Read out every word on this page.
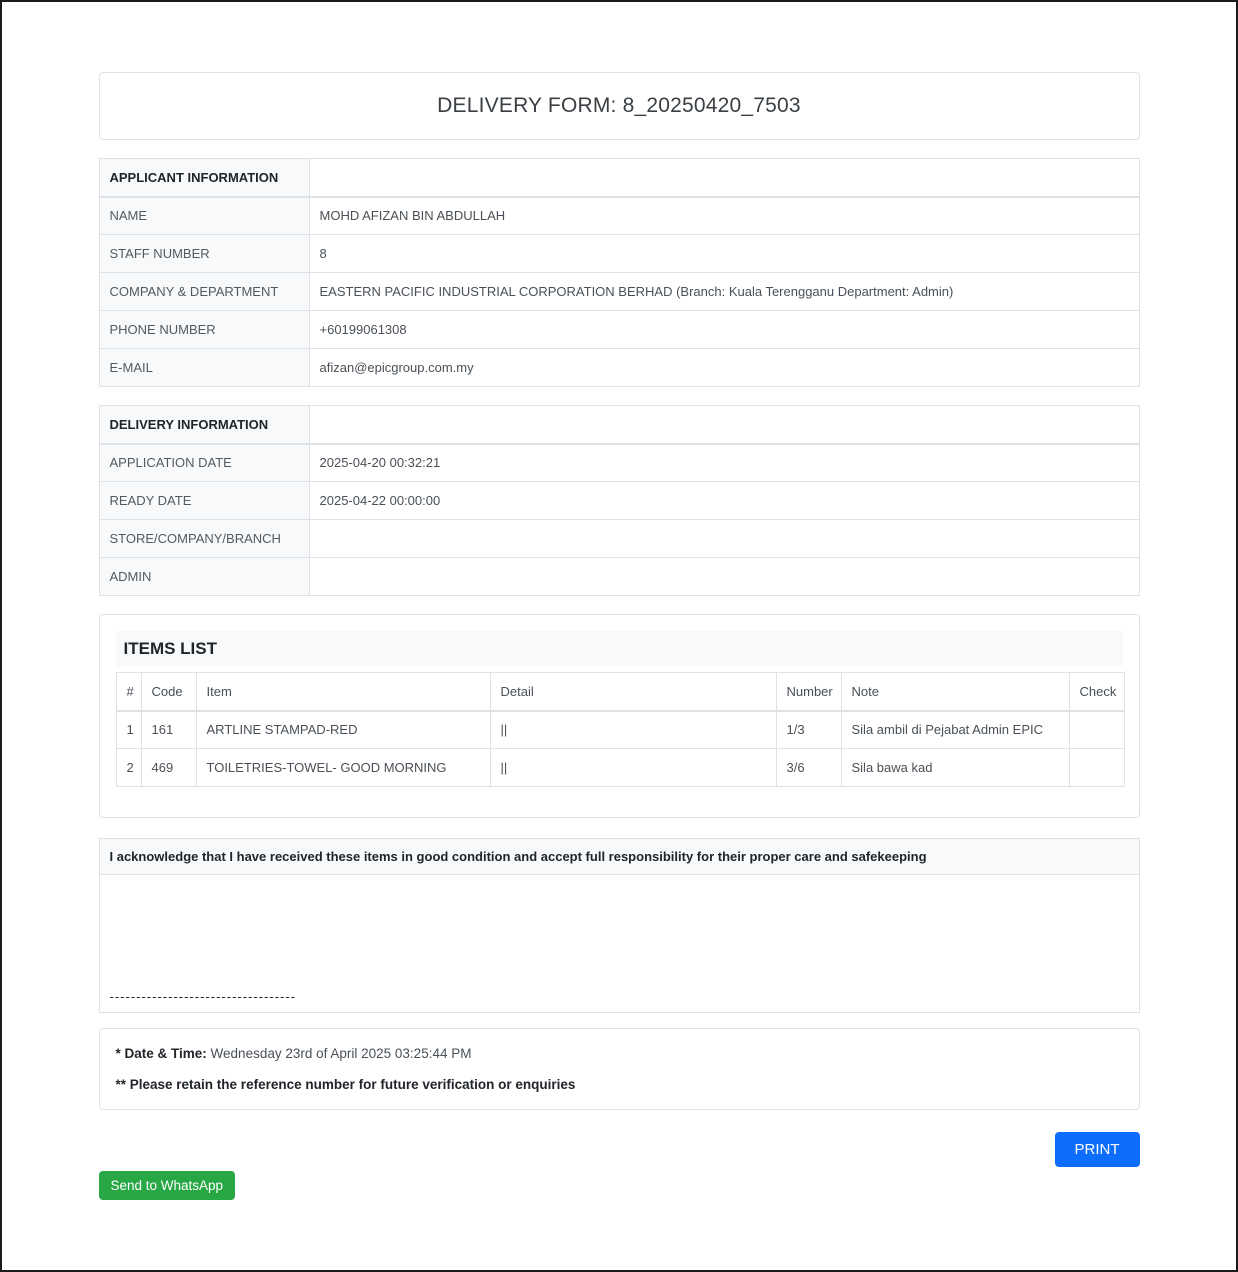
DELIVERY FORM: 8_20250420_7503
APPLICANT INFORMATION	
NAME	MOHD AFIZAN BIN ABDULLAH
STAFF NUMBER	8
COMPANY & DEPARTMENT	EASTERN PACIFIC INDUSTRIAL CORPORATION BERHAD (Branch: Kuala Terengganu Department: Admin)
PHONE NUMBER	+60199061308
E-MAIL	afizan@epicgroup.com.my
DELIVERY INFORMATION	
APPLICATION DATE	2025-04-20 00:32:21
READY DATE	2025-04-22 00:00:00
STORE/COMPANY/BRANCH	
ADMIN	
ITEMS LIST
#	Code	Item	Detail	Number	Note	Check
1	161	ARTLINE STAMPAD-RED	||	1/3	Sila ambil di Pejabat Admin EPIC	
2	469	TOILETRIES-TOWEL- GOOD MORNING	||	3/6	Sila bawa kad	
I acknowledge that I have received these items in good condition and accept full responsibility for their proper care and safekeeping
-----------------------------------
* Date & Time: Wednesday 23rd of April 2025 03:25:44 PM
** Please retain the reference number for future verification or enquiries
PRINT
Send to WhatsApp
